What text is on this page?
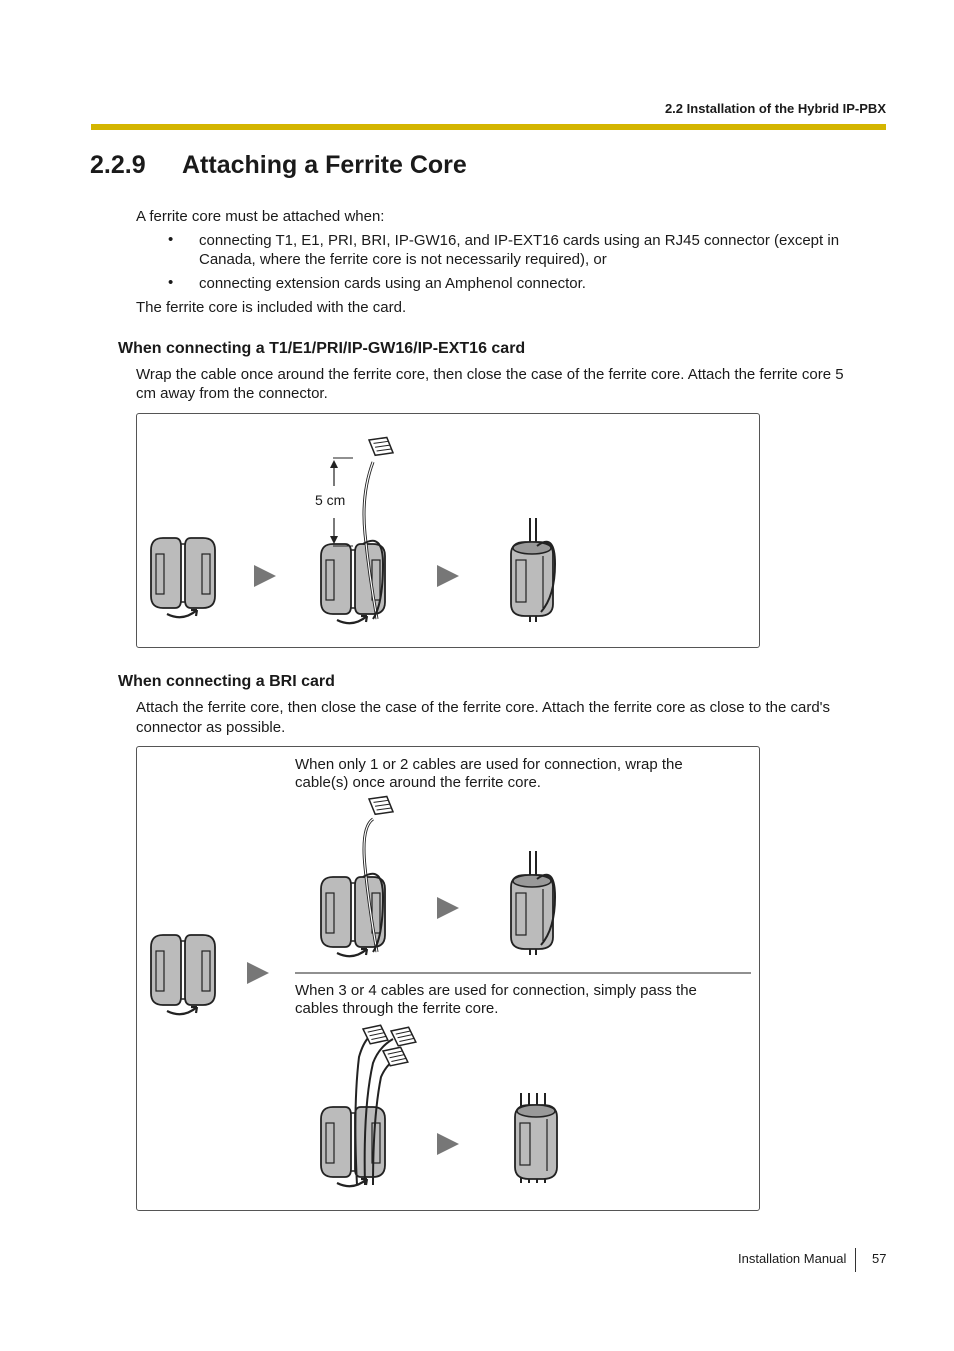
2.2 Installation of the Hybrid IP-PBX
2.2.9 Attaching a Ferrite Core
A ferrite core must be attached when:
• connecting T1, E1, PRI, BRI, IP-GW16, and IP-EXT16 cards using an RJ45 connector (except in
Canada, where the ferrite core is not necessarily required), or
• connecting extension cards using an Amphenol connector.
The ferrite core is included with the card.
When connecting a T1/E1/PRI/IP-GW16/IP-EXT16 card
Wrap the cable once around the ferrite core, then close the case of the ferrite core. Attach the ferrite core 5
cm away from the connector.
5 cm
When connecting a BRI card
Attach the ferrite core, then close the case of the ferrite core. Attach the ferrite core as close to the card's
connector as possible.
When only 1 or 2 cables are used for connection, wrap the
cable(s) once around the ferrite core.
When 3 or 4 cables are used for connection, simply pass the
cables through the ferrite core.
Installation Manual 57
